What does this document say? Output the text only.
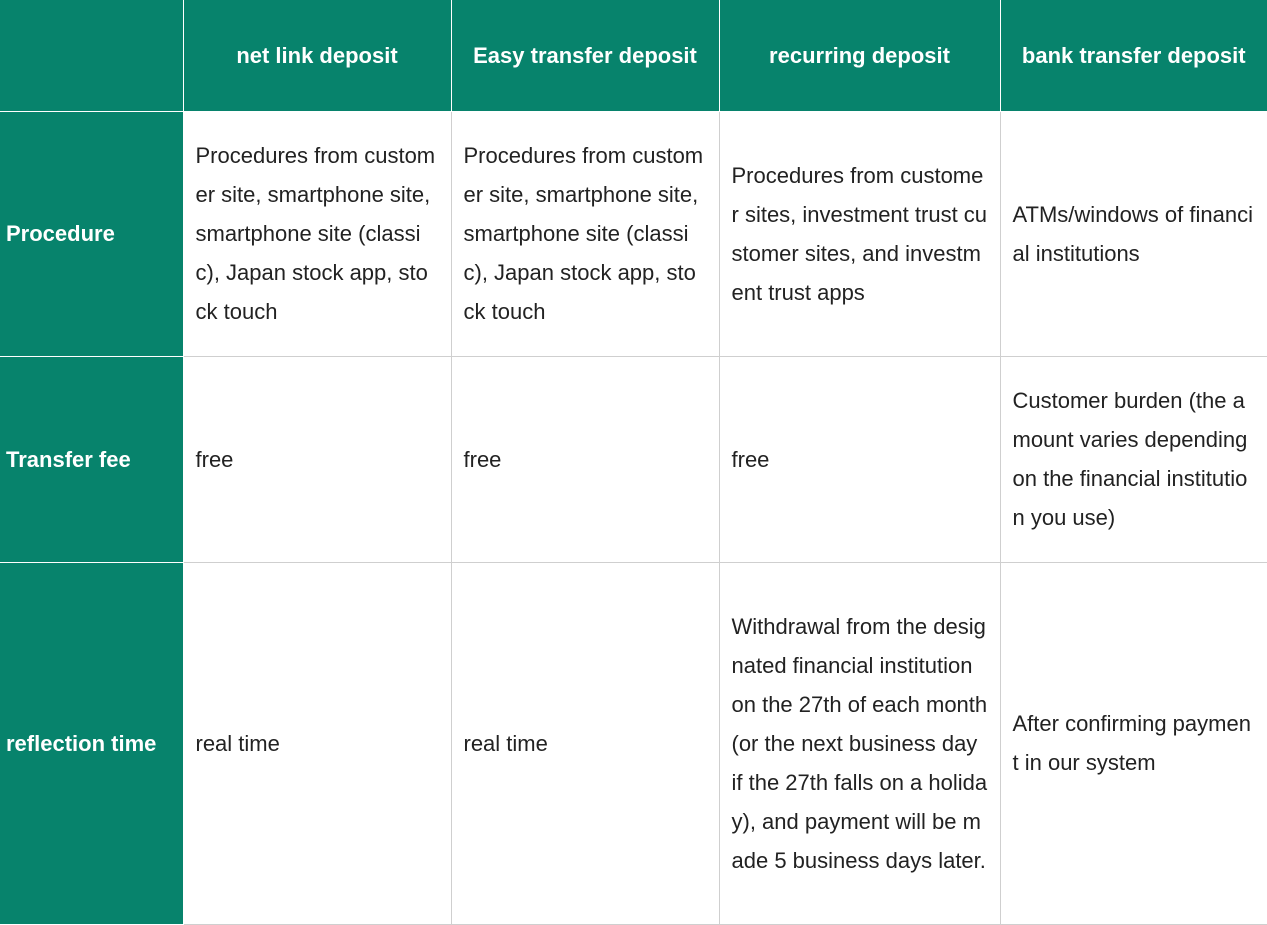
	net link deposit	Easy transfer deposit	recurring deposit	bank transfer deposit
Procedure	Procedures from customer site, smartphone site, smartphone site (classic), Japan stock app, stock touch	Procedures from customer site, smartphone site, smartphone site (classic), Japan stock app, stock touch	Procedures from customer sites, investment trust customer sites, and investment trust apps	ATMs/windows of financial institutions
Transfer fee	free	free	free	Customer burden (the amount varies depending on the financial institution you use)
reflection time	real time	real time	Withdrawal from the designated financial institution on the 27th of each month (or the next business day if the 27th falls on a holiday), and payment will be made 5 business days later.	After confirming payment in our system
